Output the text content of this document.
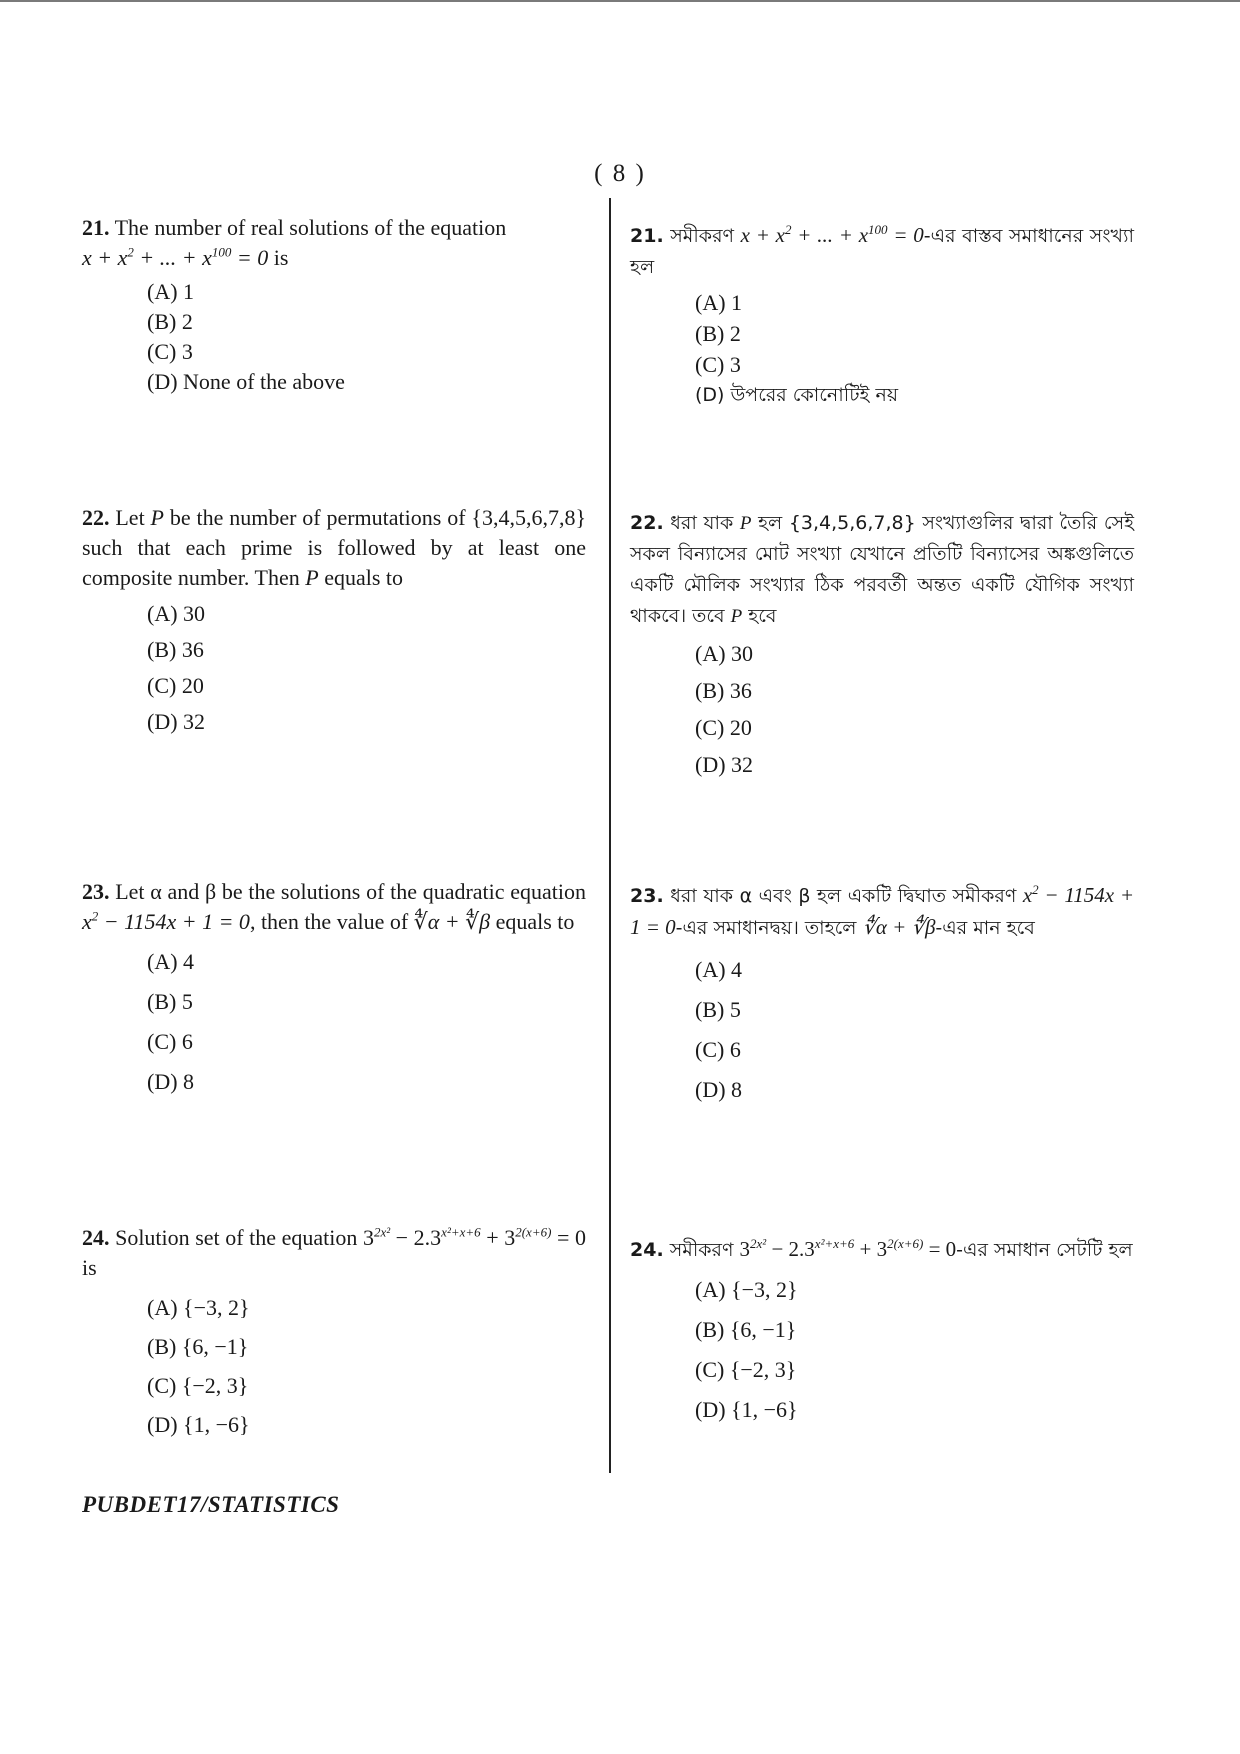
( 8 )
21. The number of real solutions of the equation
$x + x^2$ + ... + $x^{100} = 0$ is
(A) 1
(B) 2
(C) 3
(D) None of the above
22. Let P be the number of permutations of {3,4,5,6,7,8} such that each prime is followed by at least one composite number. Then P equals to
(A) 30
(B) 36
(C) 20
(D) 32
23. Let α and β be the solutions of the quadratic equation $x^2 - 1154x + 1 = 0$, then the value of ∜α + ∜β equals to
(A) 4
(B) 5
(C) 6
(D) 8
24. Solution set of the equation $3^{2x^2} - 2.3^{x^2+x+6} + 3^{2(x+6)} = 0$ is
(A) {−3, 2}
(B) {6, −1}
(C) {−2, 3}
(D) {1, −6}
21. সমীকরণ $x + x^2$ + ... + $x^{100}$ = 0-এর বাস্তব সমাধানের সংখ্যা হল
(A) 1
(B) 2
(C) 3
(D) উপরের কোনোটিই নয়
22. ধরা যাক P হল {3,4,5,6,7,8} সংখ্যাগুলির দ্বারা তৈরি সেই সকল বিন্যাসের মোট সংখ্যা যেখানে প্রতিটি বিন্যাসের অঙ্কগুলিতে একটি মৌলিক সংখ্যার ঠিক পরবর্তী অন্তত একটি যৌগিক সংখ্যা থাকবে। তবে P হবে
(A) 30
(B) 36
(C) 20
(D) 32
23. ধরা যাক α এবং β হল একটি দ্বিঘাত সমীকরণ $x^2 - 1154x + 1$ = 0-এর সমাধানদ্বয়। তাহলে ∜α + ∜β-এর মান হবে
(A) 4
(B) 5
(C) 6
(D) 8
24. সমীকরণ $3^{2x^2} - 2.3^{x^2+x+6} + 3^{2(x+6)}$ = 0-এর সমাধান সেটটি হল
(A) {−3, 2}
(B) {6, −1}
(C) {−2, 3}
(D) {1, −6}
PUBDET17/STATISTICS
